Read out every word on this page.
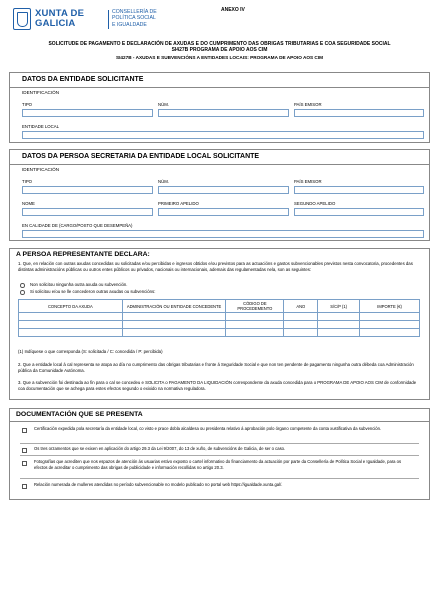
XUNTA DE GALICIA
CONSELLERÍA DE
POLÍTICA SOCIAL
E IGUALDADE
ANEXO IV
SOLICITUDE DE PAGAMENTO E DECLARACIÓN DE AXUDAS E DO CUMPRIMENTO DAS OBRIGAS TRIBUTARIAS E COA SEGURIDADE SOCIAL
SI427B PROGRAMA DE APOIO AOS CIM
SI427B - AXUDAS E SUBVENCIÓNS A ENTIDADES LOCAIS: PROGRAMA DE APOIO AOS CIM
DATOS DA ENTIDADE SOLICITANTE
IDENTIFICACIÓN
TIPO	NÚM.	PAÍS EMISOR
ENTIDADE LOCAL
DATOS DA PERSOA SECRETARIA DA ENTIDADE LOCAL SOLICITANTE
IDENTIFICACIÓN
TIPO	NÚM.	PAÍS EMISOR
NOME	PRIMEIRO APELIDO	SEGUNDO APELIDO
EN CALIDADE DE (CARGO/POSTO QUE DESEMPEÑA)
A PERSOA REPRESENTANTE DECLARA:
1. Que, en relación con outras axudas concedidas ou solicitadas e/ou percibidas e ingresos obtidos e/ou previstos para as actuacións e gastos subvencionables previstos nesta convocatoria, procedentes das distintas administracións públicas ou outros entes públicos ou privados, nacionais ou internacionais, ademais das regulamentadas nela, son as seguintes:
Non solicitou ningunha outra axuda ou subvención.
Si solicitou e/ou se lle concederon outras axudas ou subvencións:
CONCEPTO DA AXUDA	ADMINISTRACIÓN OU ENTIDADE CONCEDENTE	CÓDIGO DE PROCEDEMENTO	ANO	S/C/P (1)	IMPORTE (€)

(1) Indíquese o que corresponda (S: solicitada / C: concedida / P: percibida)
2. Que a entidade local á cal representa se atopa ao día no cumprimento das obrigas tributarias e fronte á Seguridade Social e que non ten pendente de pagamento ningunha outra débeda coa Administración pública da Comunidade Autónoma.
3. Que a subvención foi destinada ao fin para o cal se concedeu e SOLICITA o PAGAMENTO DA LIQUIDACIÓN correspondente da axuda concedida para o PROGRAMA DE APOIO AOS CIM de conformidade coa documentación que se achega para estes efectos segundo o exixido na normativa reguladora.
DOCUMENTACIÓN QUE SE PRESENTA
Certificación expedida pola secretaría da entidade local, co visto e prace dobla alcaldesa ou presidenta relativo á aprobación polo órgano competente da conta xustificativa da subvención.
Os tres orzamentos que se exixen en aplicación do artigo 29.3 da Lei 9/2007, do 13 de xuño, de subvencións de Galicia, de ser o caso.
Fotografías que acrediten que nos espazos de atención ás usuarias estivo exposto o cartel informativo do financiamento da actuación por parte da Consellería de Política Social e Igualdade, para os efectos de acreditar o cumprimento das obrigas de publicidade e información recollidas no artigo 20.3.
Relación numerada de mulleres atendidas no período subvencionable no modelo publicado no portal web https://igualdade.xunta.gal/.
